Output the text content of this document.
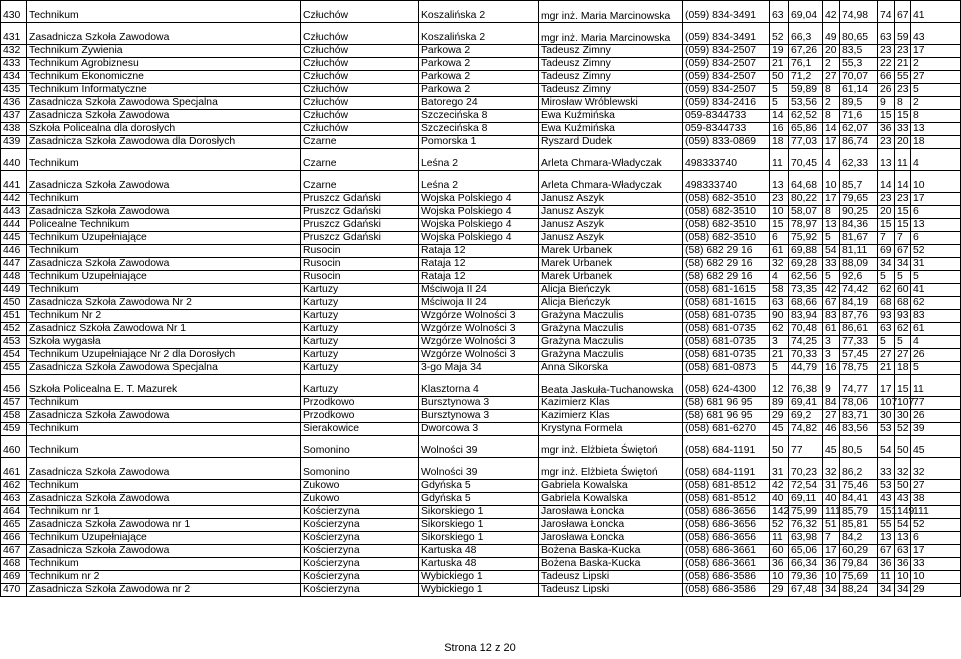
430	Technikum	Człuchów	Koszalińska 2	mgr inż. Maria Marcinowska	(059) 834-3491	63	69,04	42	74,98	74	67	41
431	Zasadnicza Szkoła Zawodowa	Człuchów	Koszalińska 2	mgr inż. Maria Marcinowska	(059) 834-3491	52	66,3	49	80,65	63	59	43
432	Technikum Żywienia	Człuchów	Parkowa 2	Tadeusz Zimny	(059) 834-2507	19	67,26	20	83,5	23	23	17
433	Technikum Agrobiznesu	Człuchów	Parkowa 2	Tadeusz Zimny	(059) 834-2507	21	76,1	2	55,3	22	21	2
434	Technikum Ekonomiczne	Człuchów	Parkowa 2	Tadeusz Zimny	(059) 834-2507	50	71,2	27	70,07	66	55	27
435	Technikum Informatyczne	Człuchów	Parkowa 2	Tadeusz Zimny	(059) 834-2507	5	59,89	8	61,14	26	23	5
436	Zasadnicza Szkoła Zawodowa Specjalna	Człuchów	Batorego 24	Mirosław Wróblewski	(059) 834-2416	5	53,56	2	89,5	9	8	2
437	Zasadnicza Szkoła Zawodowa	Człuchów	Szczecińska 8	Ewa Kuźmińska	059-8344733	14	62,52	8	71,6	15	15	8
438	Szkoła Policealna dla dorosłych	Człuchów	Szczecińska 8	Ewa Kuźmińska	059-8344733	16	65,86	14	62,07	36	33	13
439	Zasadnicza Szkoła Zawodowa dla Dorosłych	Czarne	Pomorska 1	Ryszard Dudek	(059) 833-0869	18	77,03	17	86,74	23	20	18
440	Technikum	Czarne	Leśna 2	Arleta Chmara-Władyczak	498333740	11	70,45	4	62,33	13	11	4
441	Zasadnicza Szkoła Zawodowa	Czarne	Leśna 2	Arleta Chmara-Władyczak	498333740	13	64,68	10	85,7	14	14	10
442	Technikum	Pruszcz Gdański	Wojska Polskiego 4	Janusz Aszyk	(058) 682-3510	23	80,22	17	79,65	23	23	17
443	Zasadnicza Szkoła Zawodowa	Pruszcz Gdański	Wojska Polskiego 4	Janusz Aszyk	(058) 682-3510	10	58,07	8	90,25	20	15	6
444	Policealne Technikum	Pruszcz Gdański	Wojska Polskiego 4	Janusz Aszyk	(058) 682-3510	15	78,97	13	84,36	15	15	13
445	Technikum Uzupełniające	Pruszcz Gdański	Wojska Polskiego 4	Janusz Aszyk	(058) 682-3510	6	75,92	5	81,67	7	7	6
446	Technikum	Rusocin	Rataja 12	Marek Urbanek	(58) 682 29 16	61	69,88	54	81,11	69	67	52
447	Zasadnicza Szkoła Zawodowa	Rusocin	Rataja 12	Marek Urbanek	(58) 682 29 16	32	69,28	33	88,09	34	34	31
448	Technikum Uzupełniające	Rusocin	Rataja 12	Marek Urbanek	(58) 682 29 16	4	62,56	5	92,6	5	5	5
449	Technikum	Kartuzy	Mściwoja II 24	Alicja Bieńczyk	(058) 681-1615	58	73,35	42	74,42	62	60	41
450	Zasadnicza Szkoła Zawodowa Nr 2	Kartuzy	Mściwoja II 24	Alicja Bieńczyk	(058) 681-1615	63	68,66	67	84,19	68	68	62
451	Technikum Nr 2	Kartuzy	Wzgórze Wolności 3	Grażyna Maczulis	(058) 681-0735	90	83,94	83	87,76	93	93	83
452	Zasadnicz Szkoła Zawodowa Nr 1	Kartuzy	Wzgórze Wolności 3	Grażyna Maczulis	(058) 681-0735	62	70,48	61	86,61	63	62	61
453	Szkoła wygasła	Kartuzy	Wzgórze Wolności 3	Grażyna Maczulis	(058) 681-0735	3	74,25	3	77,33	5	5	4
454	Technikum Uzupełniające Nr 2 dla Dorosłych	Kartuzy	Wzgórze Wolności 3	Grażyna Maczulis	(058) 681-0735	21	70,33	3	57,45	27	27	26
455	Zasadnicza Szkoła Zawodowa Specjalna	Kartuzy	3-go Maja 34	Anna Sikorska	(058) 681-0873	5	44,79	16	78,75	21	18	5
456	Szkoła Policealna E. T. Mazurek	Kartuzy	Klasztorna 4	Beata Jaskuła-Tuchanowska	(058) 624-4300	12	76,38	9	74,77	17	15	11
457	Technikum	Przodkowo	Bursztynowa 3	Kazimierz Klas	(58) 681 96 95	89	69,41	84	78,06	107	107	77
458	Zasadnicza Szkoła Zawodowa	Przodkowo	Bursztynowa 3	Kazimierz Klas	(58) 681 96 95	29	69,2	27	83,71	30	30	26
459	Technikum	Sierakowice	Dworcowa 3	Krystyna Formela	(058) 681-6270	45	74,82	46	83,56	53	52	39
460	Technikum	Somonino	Wolności 39	mgr inż. Elżbieta Świętoń	(058) 684-1191	50	77	45	80,5	54	50	45
461	Zasadnicza Szkoła Zawodowa	Somonino	Wolności 39	mgr inż. Elżbieta Świętoń	(058) 684-1191	31	70,23	32	86,2	33	32	32
462	Technikum	Żukowo	Gdyńska 5	Gabriela Kowalska	(058) 681-8512	42	72,54	31	75,46	53	50	27
463	Zasadnicza Szkoła Zawodowa	Żukowo	Gdyńska 5	Gabriela Kowalska	(058) 681-8512	40	69,11	40	84,41	43	43	38
464	Technikum nr 1	Kościerzyna	Sikorskiego 1	Jarosława Łoncka	(058) 686-3656	142	75,99	111	85,79	151	149	111
465	Zasadnicza Szkoła Zawodowa nr 1	Kościerzyna	Sikorskiego 1	Jarosława Łoncka	(058) 686-3656	52	76,32	51	85,81	55	54	52
466	Technikum Uzupełniające	Kościerzyna	Sikorskiego 1	Jarosława Łoncka	(058) 686-3656	11	63,98	7	84,2	13	13	6
467	Zasadnicza Szkoła Zawodowa	Kościerzyna	Kartuska 48	Bożena Baska-Kucka	(058) 686-3661	60	65,06	17	60,29	67	63	17
468	Technikum	Kościerzyna	Kartuska 48	Bożena Baska-Kucka	(058) 686-3661	36	66,34	36	79,84	36	36	33
469	Technikum nr 2	Kościerzyna	Wybickiego 1	Tadeusz Lipski	(058) 686-3586	10	79,36	10	75,69	11	10	10
470	Zasadnicza Szkoła Zawodowa nr 2	Kościerzyna	Wybickiego 1	Tadeusz Lipski	(058) 686-3586	29	67,48	34	88,24	34	34	29
Strona 12 z 20
